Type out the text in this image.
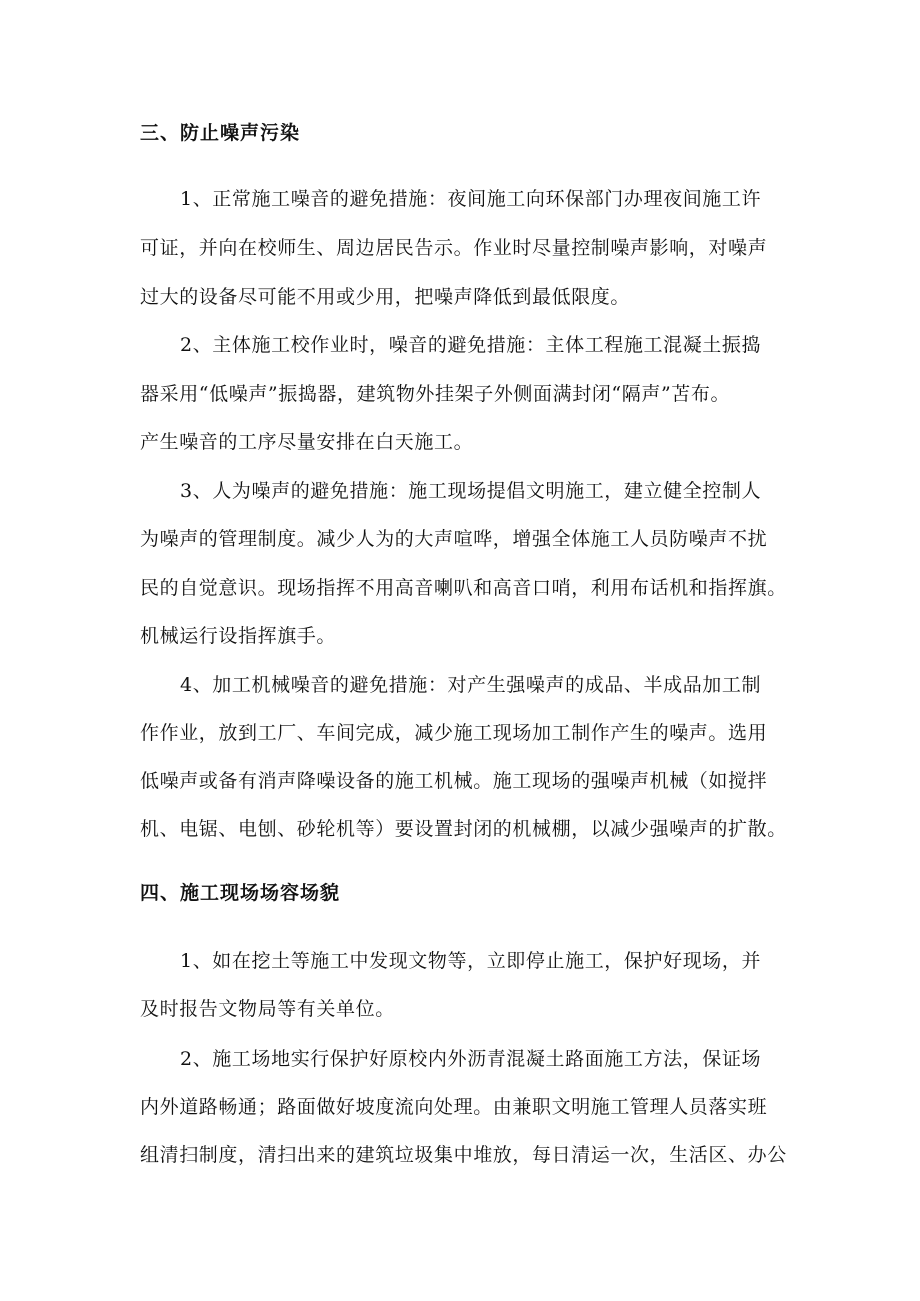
三、防止噪声污染
1、正常施工噪音的避免措施：夜间施工向环保部门办理夜间施工许
可证，并向在校师生、周边居民告示。作业时尽量控制噪声影响，对噪声
过大的设备尽可能不用或少用，把噪声降低到最低限度。
2、主体施工校作业时，噪音的避免措施：主体工程施工混凝土振捣
器采用“低噪声”振捣器，建筑物外挂架子外侧面满封闭“隔声”苫布。
产生噪音的工序尽量安排在白天施工。
3、人为噪声的避免措施：施工现场提倡文明施工，建立健全控制人
为噪声的管理制度。减少人为的大声喧哗，增强全体施工人员防噪声不扰
民的自觉意识。现场指挥不用高音喇叭和高音口哨，利用布话机和指挥旗。
机械运行设指挥旗手。
4、加工机械噪音的避免措施：对产生强噪声的成品、半成品加工制
作作业，放到工厂、车间完成，减少施工现场加工制作产生的噪声。选用
低噪声或备有消声降噪设备的施工机械。施工现场的强噪声机械（如搅拌
机、电锯、电刨、砂轮机等）要设置封闭的机械棚，以减少强噪声的扩散。
四、施工现场场容场貌
1、如在挖土等施工中发现文物等，立即停止施工，保护好现场，并
及时报告文物局等有关单位。
2、施工场地实行保护好原校内外沥青混凝土路面施工方法，保证场
内外道路畅通；路面做好坡度流向处理。由兼职文明施工管理人员落实班
组清扫制度，清扫出来的建筑垃圾集中堆放，每日清运一次，生活区、办公
